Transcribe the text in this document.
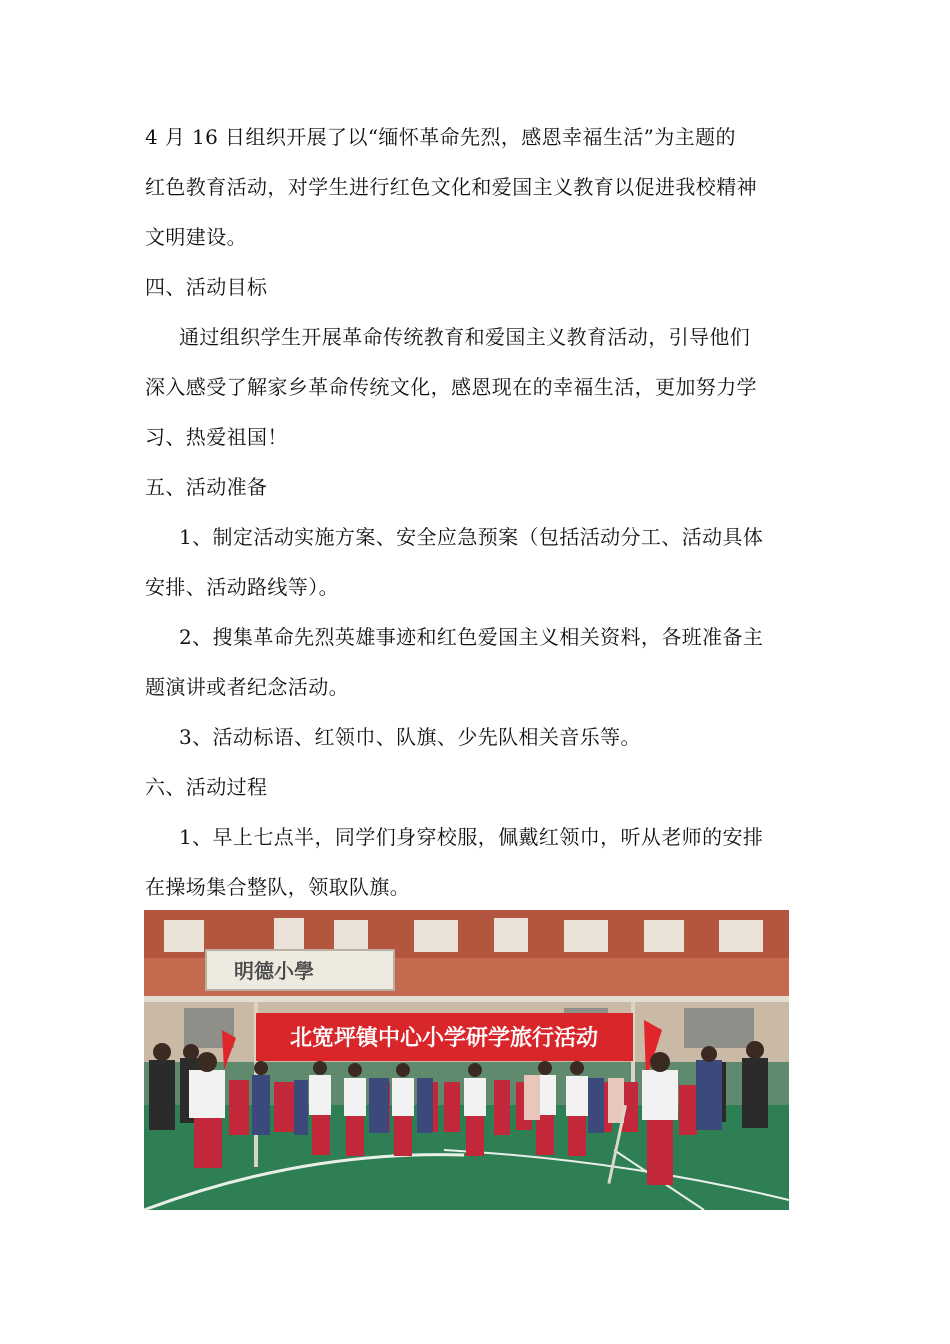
4 月 16 日组织开展了以“缅怀革命先烈，感恩幸福生活”为主题的
红色教育活动，对学生进行红色文化和爱国主义教育以促进我校精神
文明建设。
四、活动目标
通过组织学生开展革命传统教育和爱国主义教育活动，引导他们
深入感受了解家乡革命传统文化，感恩现在的幸福生活，更加努力学
习、热爱祖国！
五、活动准备
1、制定活动实施方案、安全应急预案（包括活动分工、活动具体
安排、活动路线等）。
2、搜集革命先烈英雄事迹和红色爱国主义相关资料，各班准备主
题演讲或者纪念活动。
3、活动标语、红领巾、队旗、少先队相关音乐等。
六、活动过程
1、早上七点半，同学们身穿校服，佩戴红领巾，听从老师的安排
在操场集合整队，领取队旗。
明德小學
北宽坪镇中心小学研学旅行活动
